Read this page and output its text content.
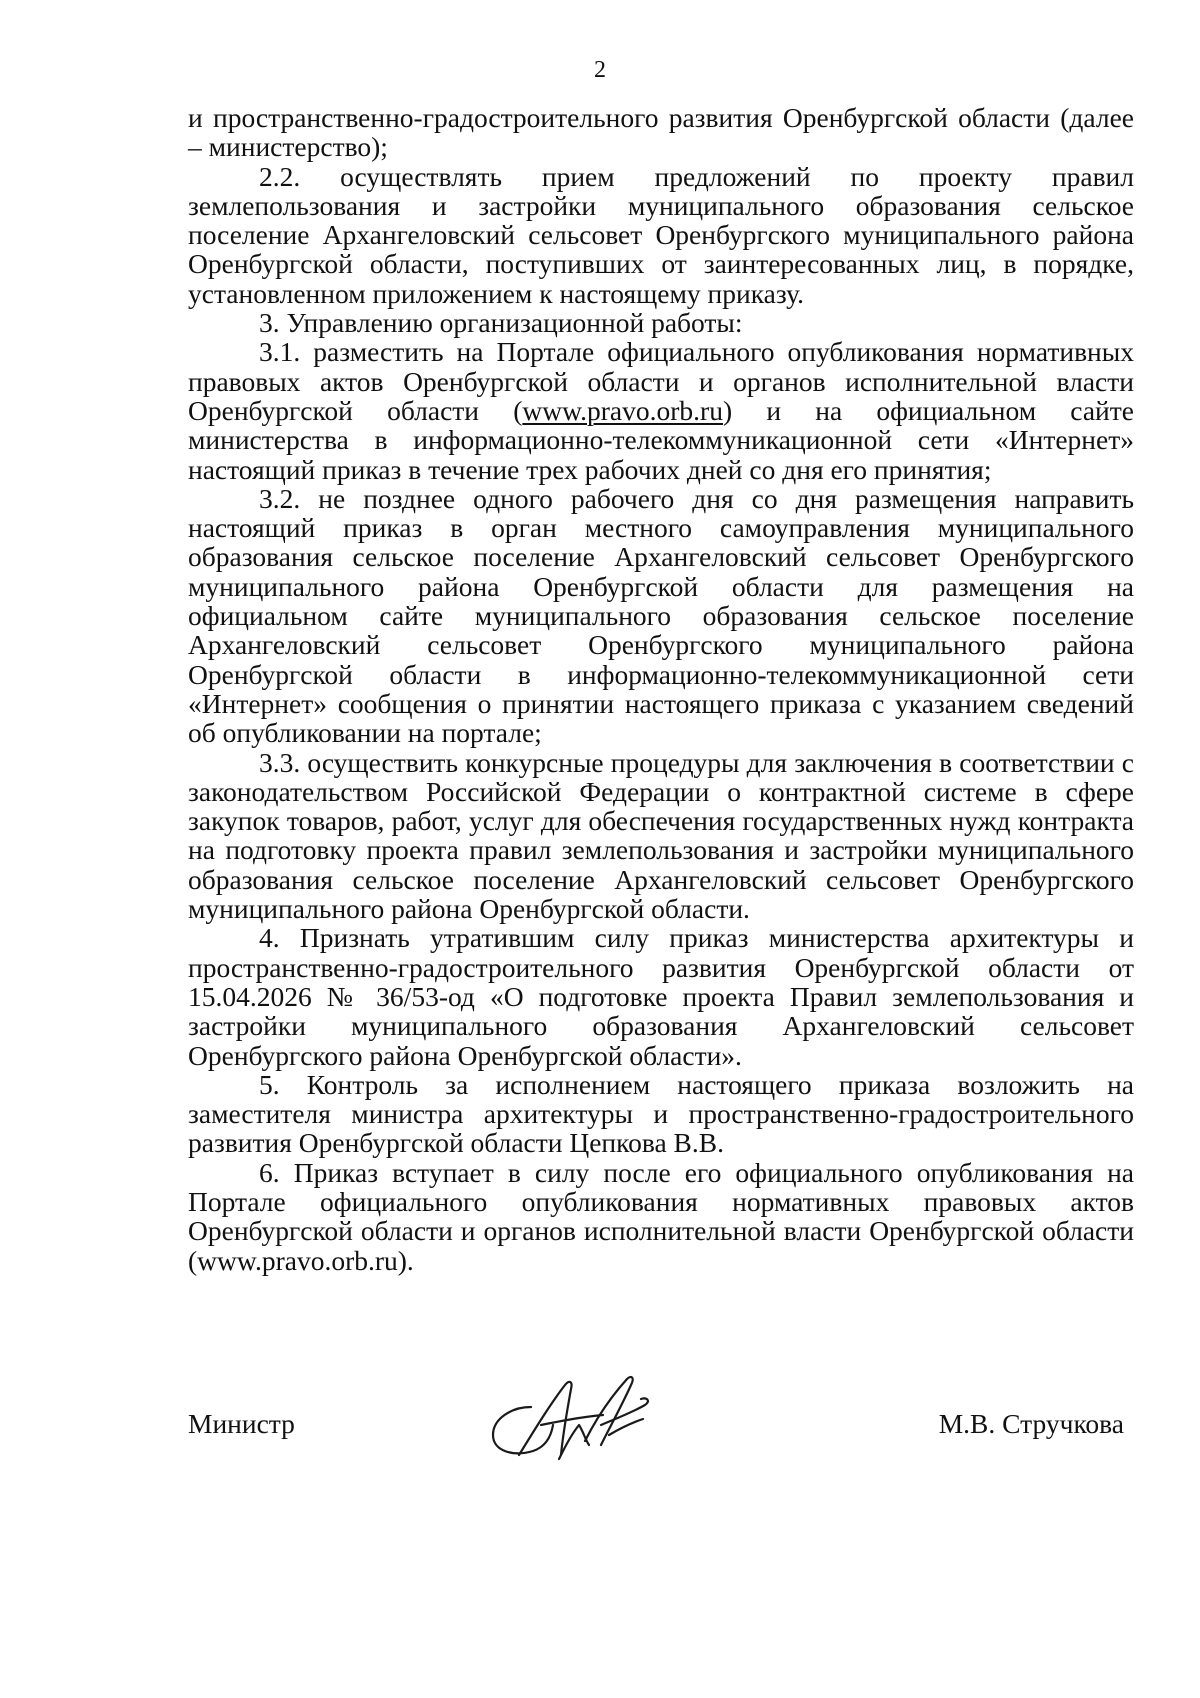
2

и пространственно-градостроительного развития Оренбургской области (далее – министерство);

2.2. осуществлять прием предложений по проекту правил землепользования и застройки муниципального образования сельское поселение Архангеловский сельсовет Оренбургского муниципального района Оренбургской области, поступивших от заинтересованных лиц, в порядке, установленном приложением к настоящему приказу.

3. Управлению организационной работы:

3.1. разместить на Портале официального опубликования нормативных правовых актов Оренбургской области и органов исполнительной власти Оренбургской области (www.pravo.orb.ru) и на официальном сайте министерства в информационно-телекоммуникационной сети «Интернет» настоящий приказ в течение трех рабочих дней со дня его принятия;

3.2. не позднее одного рабочего дня со дня размещения направить настоящий приказ в орган местного самоуправления муниципального образования сельское поселение Архангеловский сельсовет Оренбургского муниципального района Оренбургской области для размещения на официальном сайте муниципального образования сельское поселение Архангеловский сельсовет Оренбургского муниципального района Оренбургской области в информационно-телекоммуникационной сети «Интернет» сообщения о принятии настоящего приказа с указанием сведений об опубликовании на портале;

3.3. осуществить конкурсные процедуры для заключения в соответствии с законодательством Российской Федерации о контрактной системе в сфере закупок товаров, работ, услуг для обеспечения государственных нужд контракта на подготовку проекта правил землепользования и застройки муниципального образования сельское поселение Архангеловский сельсовет Оренбургского муниципального района Оренбургской области.

4. Признать утратившим силу приказ министерства архитектуры и пространственно-градостроительного развития Оренбургской области от 15.04.2026 № 36/53-од «О подготовке проекта Правил землепользования и застройки муниципального образования Архангеловский сельсовет Оренбургского района Оренбургской области».

5. Контроль за исполнением настоящего приказа возложить на заместителя министра архитектуры и пространственно-градостроительного развития Оренбургской области Цепкова В.В.

6. Приказ вступает в силу после его официального опубликования на Портале официального опубликования нормативных правовых актов Оренбургской области и органов исполнительной власти Оренбургской области (www.pravo.orb.ru).

Министр	М.В. Стручкова
